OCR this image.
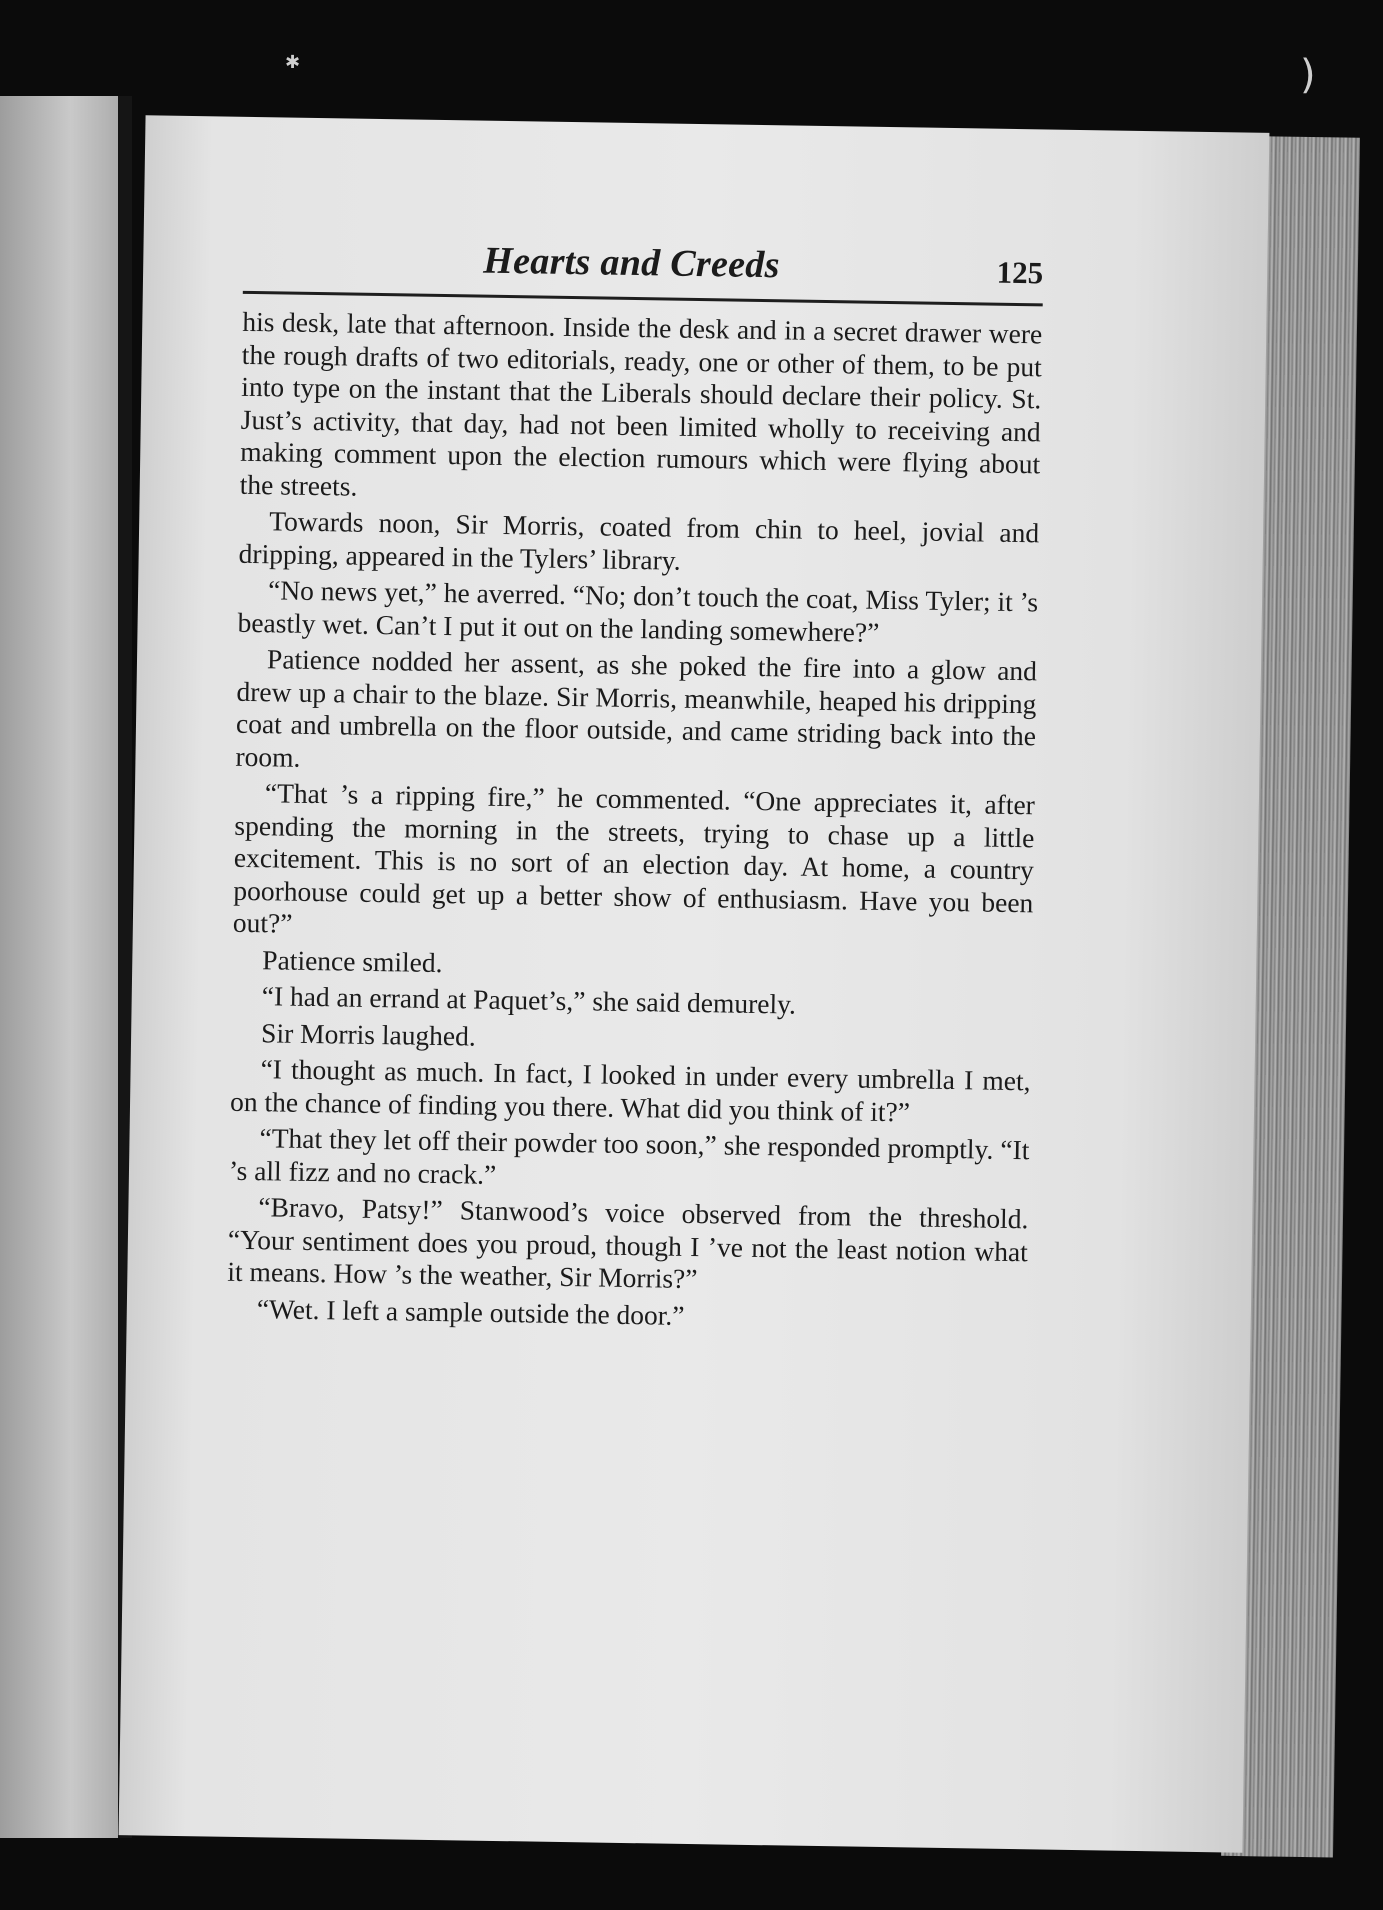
Hearts and Creeds	125

his desk, late that afternoon. Inside the desk and in a secret drawer were the rough drafts of two editorials, ready, one or other of them, to be put into type on the instant that the Liberals should declare their policy. St. Just’s activity, that day, had not been limited wholly to receiving and making comment upon the election rumours which were flying about the streets.

Towards noon, Sir Morris, coated from chin to heel, jovial and dripping, appeared in the Tylers’ library.

“No news yet,” he averred. “No; don’t touch the coat, Miss Tyler; it ’s beastly wet. Can’t I put it out on the landing somewhere?”

Patience nodded her assent, as she poked the fire into a glow and drew up a chair to the blaze. Sir Morris, meanwhile, heaped his dripping coat and umbrella on the floor outside, and came striding back into the room.

“That ’s a ripping fire,” he commented. “One appreciates it, after spending the morning in the streets, trying to chase up a little excitement. This is no sort of an election day. At home, a country poorhouse could get up a better show of enthusiasm. Have you been out?”

Patience smiled.

“I had an errand at Paquet’s,” she said demurely.

Sir Morris laughed.

“I thought as much. In fact, I looked in under every umbrella I met, on the chance of finding you there. What did you think of it?”

“That they let off their powder too soon,” she responded promptly. “It ’s all fizz and no crack.”

“Bravo, Patsy!” Stanwood’s voice observed from the threshold. “Your sentiment does you proud, though I ’ve not the least notion what it means. How ’s the weather, Sir Morris?”

“Wet. I left a sample outside the door.”

✱	)
